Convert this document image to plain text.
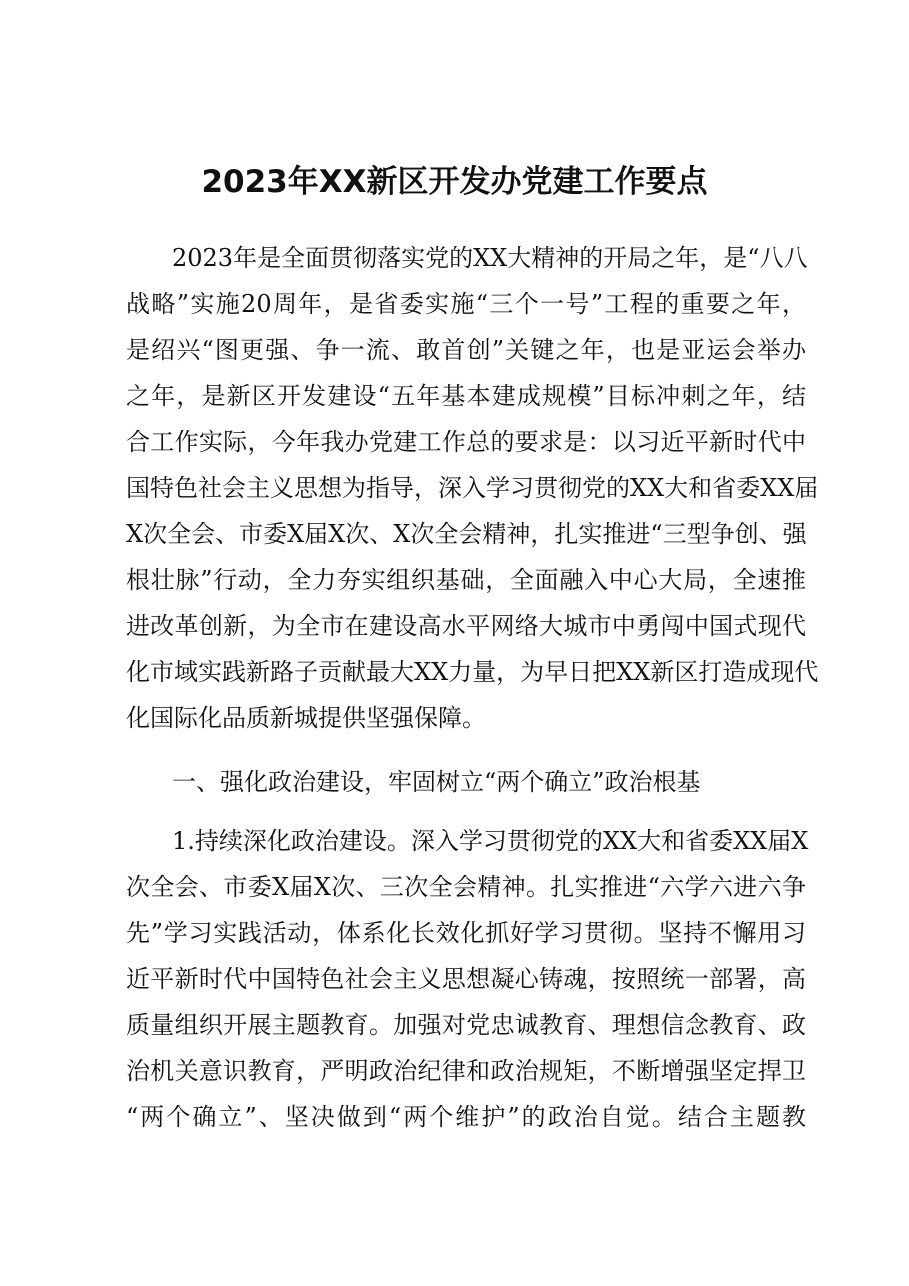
2023年XX新区开发办党建工作要点
2023年是全面贯彻落实党的XX大精神的开局之年，是“八八
战略”实施20周年，是省委实施“三个一号”工程的重要之年，
是绍兴“图更强、争一流、敢首创”关键之年，也是亚运会举办
之年，是新区开发建设“五年基本建成规模”目标冲刺之年，结
合工作实际，今年我办党建工作总的要求是：以习近平新时代中
国特色社会主义思想为指导，深入学习贯彻党的XX大和省委XX届
X次全会、市委X届X次、X次全会精神，扎实推进“三型争创、强
根壮脉”行动，全力夯实组织基础，全面融入中心大局，全速推
进改革创新，为全市在建设高水平网络大城市中勇闯中国式现代
化市域实践新路子贡献最大XX力量，为早日把XX新区打造成现代
化国际化品质新城提供坚强保障。
一、强化政治建设，牢固树立“两个确立”政治根基
1.持续深化政治建设。深入学习贯彻党的XX大和省委XX届X
次全会、市委X届X次、三次全会精神。扎实推进“六学六进六争
先”学习实践活动，体系化长效化抓好学习贯彻。坚持不懈用习
近平新时代中国特色社会主义思想凝心铸魂，按照统一部署，高
质量组织开展主题教育。加强对党忠诚教育、理想信念教育、政
治机关意识教育，严明政治纪律和政治规矩，不断增强坚定捍卫
“两个确立”、坚决做到“两个维护”的政治自觉。结合主题教
